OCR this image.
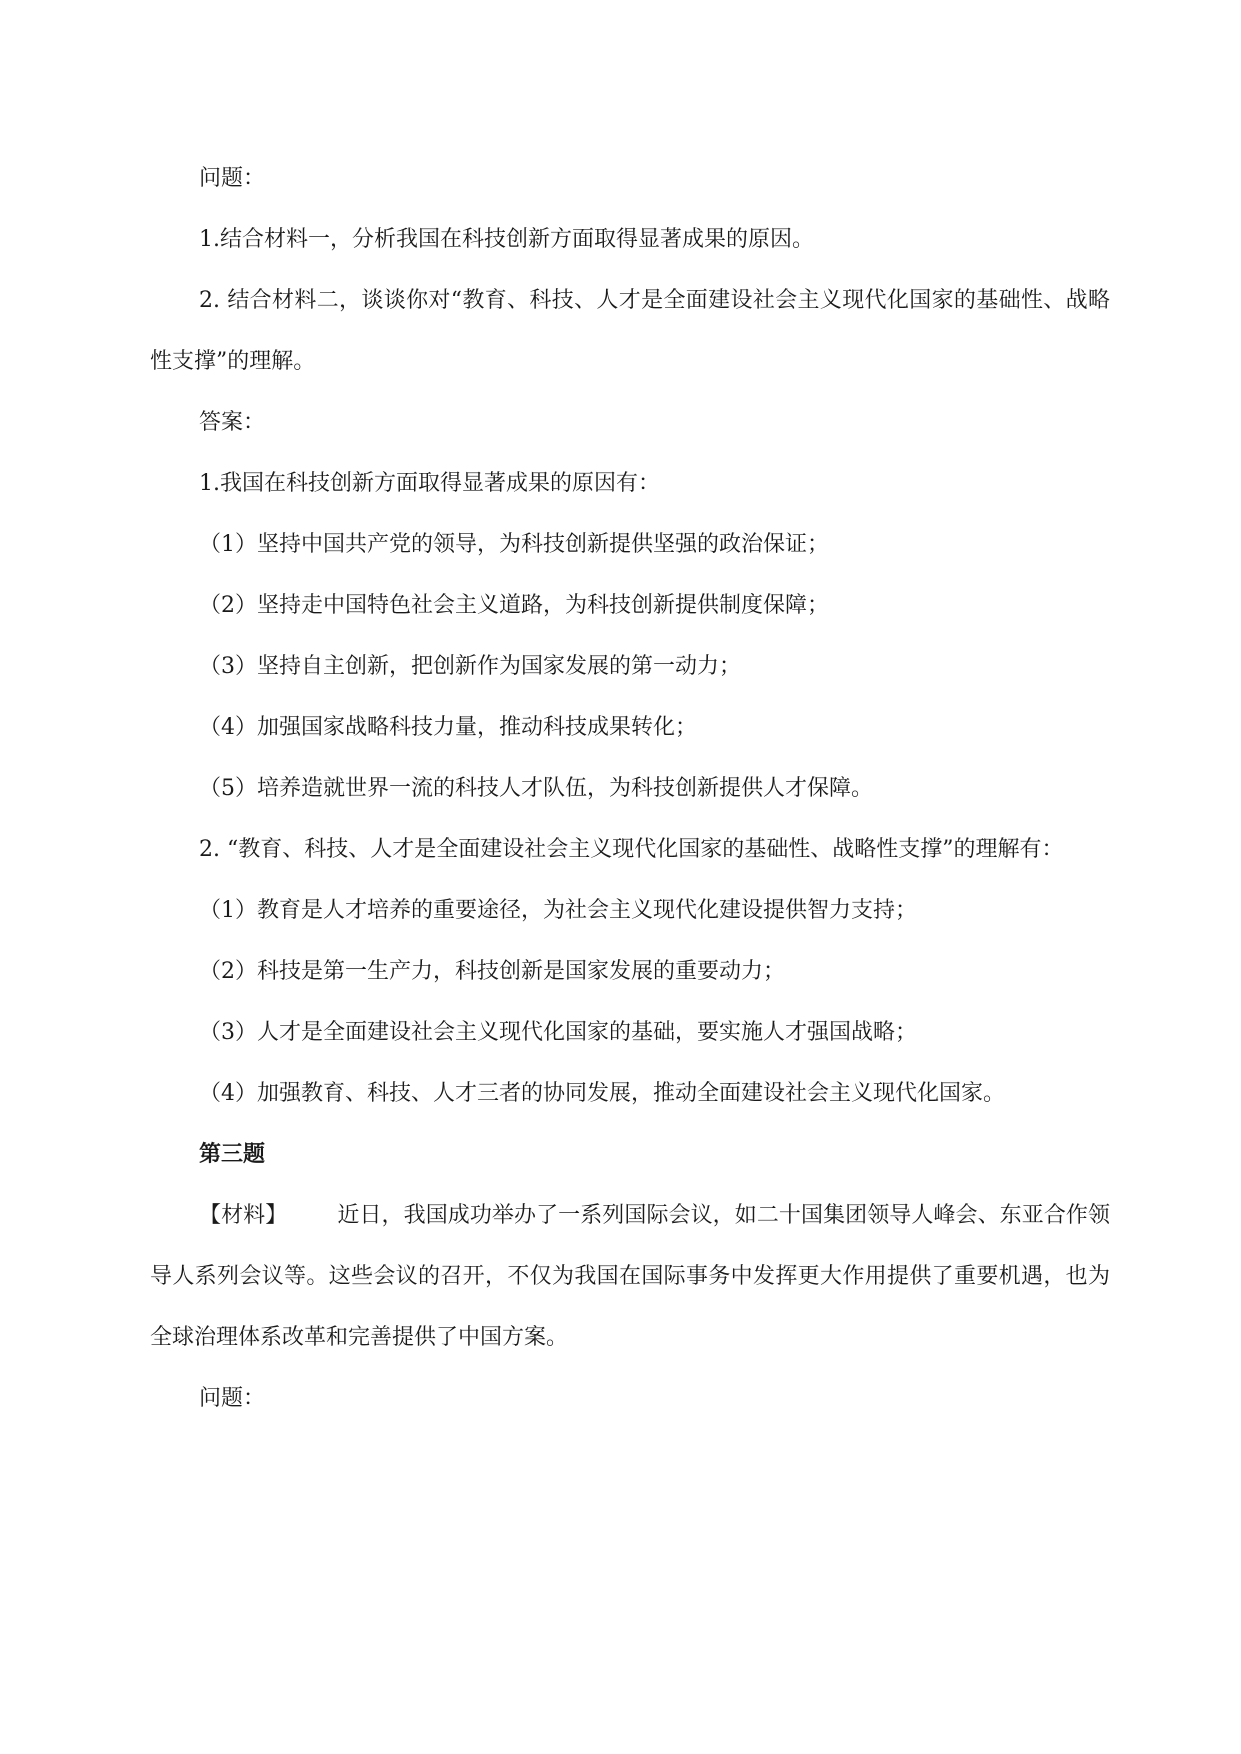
问题：

1.结合材料一，分析我国在科技创新方面取得显著成果的原因。

2. 结合材料二，谈谈你对“教育、科技、人才是全面建设社会主义现代化国家的基础性、战略性支撑”的理解。

答案：

1.我国在科技创新方面取得显著成果的原因有：

（1）坚持中国共产党的领导，为科技创新提供坚强的政治保证；

（2）坚持走中国特色社会主义道路，为科技创新提供制度保障；

（3）坚持自主创新，把创新作为国家发展的第一动力；

（4）加强国家战略科技力量，推动科技成果转化；

（5）培养造就世界一流的科技人才队伍，为科技创新提供人才保障。

2. “教育、科技、人才是全面建设社会主义现代化国家的基础性、战略性支撑”的理解有：

（1）教育是人才培养的重要途径，为社会主义现代化建设提供智力支持；

（2）科技是第一生产力，科技创新是国家发展的重要动力；

（3）人才是全面建设社会主义现代化国家的基础，要实施人才强国战略；

（4）加强教育、科技、人才三者的协同发展，推动全面建设社会主义现代化国家。

第三题

【材料】 近日，我国成功举办了一系列国际会议，如二十国集团领导人峰会、东亚合作领导人系列会议等。这些会议的召开，不仅为我国在国际事务中发挥更大作用提供了重要机遇，也为全球治理体系改革和完善提供了中国方案。

问题：
